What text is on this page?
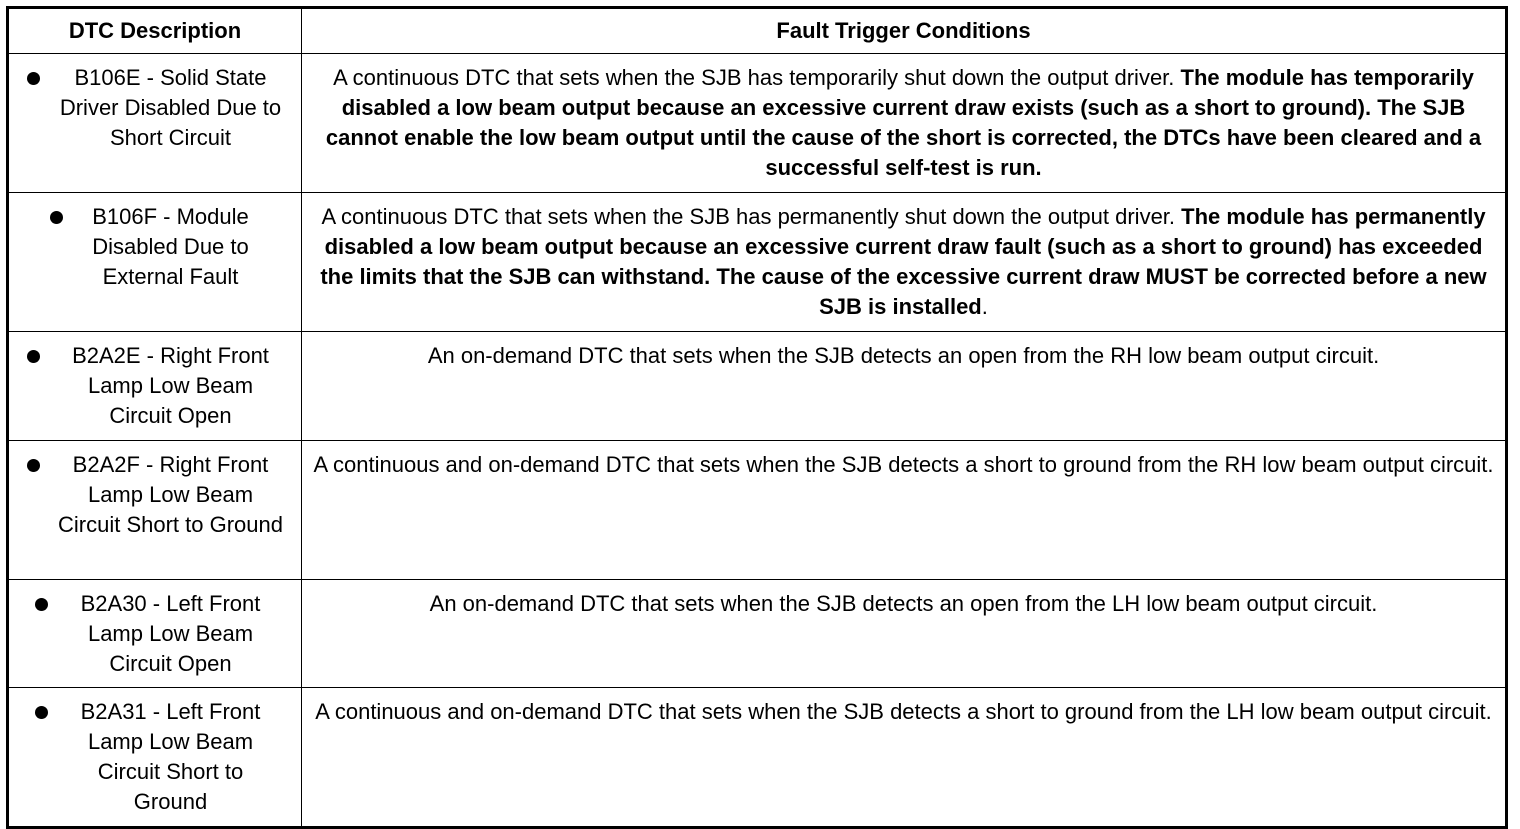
DTC Description	Fault Trigger Conditions

B106E - Solid State Driver Disabled Due to Short Circuit	A continuous DTC that sets when the SJB has temporarily shut down the output driver. The module has temporarily disabled a low beam output because an excessive current draw exists (such as a short to ground). The SJB cannot enable the low beam output until the cause of the short is corrected, the DTCs have been cleared and a successful self-test is run.

B106F - Module Disabled Due to External Fault	A continuous DTC that sets when the SJB has permanently shut down the output driver. The module has permanently disabled a low beam output because an excessive current draw fault (such as a short to ground) has exceeded the limits that the SJB can withstand. The cause of the excessive current draw MUST be corrected before a new SJB is installed.

B2A2E - Right Front Lamp Low Beam Circuit Open	An on-demand DTC that sets when the SJB detects an open from the RH low beam output circuit.

B2A2F - Right Front Lamp Low Beam Circuit Short to Ground	A continuous and on-demand DTC that sets when the SJB detects a short to ground from the RH low beam output circuit.

B2A30 - Left Front Lamp Low Beam Circuit Open	An on-demand DTC that sets when the SJB detects an open from the LH low beam output circuit.

B2A31 - Left Front Lamp Low Beam Circuit Short to Ground	A continuous and on-demand DTC that sets when the SJB detects a short to ground from the LH low beam output circuit.
